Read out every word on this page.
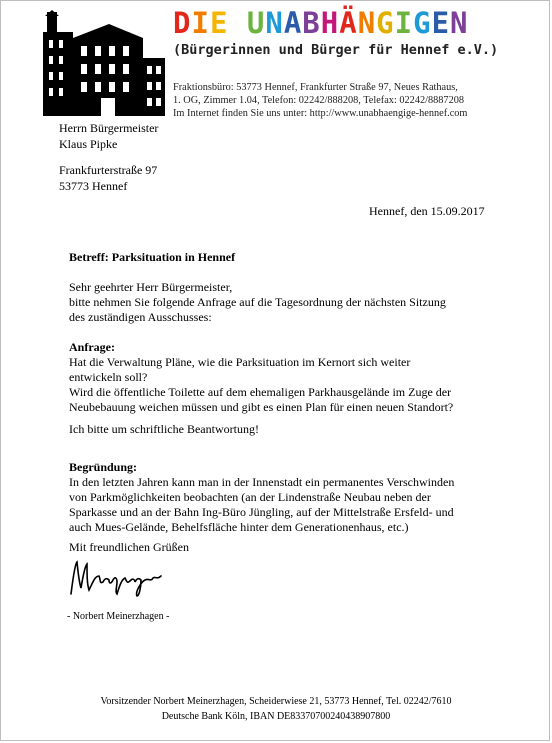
DIE UNABHÄNGIGEN
(Bürgerinnen und Bürger für Hennef e.V.)
Fraktionsbüro: 53773 Hennef, Frankfurter Straße 97, Neues Rathaus,
1. OG, Zimmer 1.04, Telefon: 02242/888208, Telefax: 02242/8887208
Im Internet finden Sie uns unter: http://www.unabhaengige-hennef.com
Herrn Bürgermeister
Klaus Pipke
Frankfurterstraße 97
53773 Hennef
Hennef, den 15.09.2017
Betreff: Parksituation in Hennef
Sehr geehrter Herr Bürgermeister,
bitte nehmen Sie folgende Anfrage auf die Tagesordnung der nächsten Sitzung
des zuständigen Ausschusses:
Anfrage:
Hat die Verwaltung Pläne, wie die Parksituation im Kernort sich weiter
entwickeln soll?
Wird die öffentliche Toilette auf dem ehemaligen Parkhausgelände im Zuge der
Neubebauung weichen müssen und gibt es einen Plan für einen neuen Standort?
Ich bitte um schriftliche Beantwortung!
Begründung:
In den letzten Jahren kann man in der Innenstadt ein permanentes Verschwinden
von Parkmöglichkeiten beobachten (an der Lindenstraße Neubau neben der
Sparkasse und an der Bahn Ing-Büro Jüngling, auf der Mittelstraße Ersfeld- und
auch Mues-Gelände, Behelfsfläche hinter dem Generationenhaus, etc.)
Mit freundlichen Grüßen
- Norbert Meinerzhagen -
Vorsitzender Norbert Meinerzhagen, Scheiderwiese 21, 53773 Hennef, Tel. 02242/7610
Deutsche Bank Köln, IBAN DE83370700240438907800
